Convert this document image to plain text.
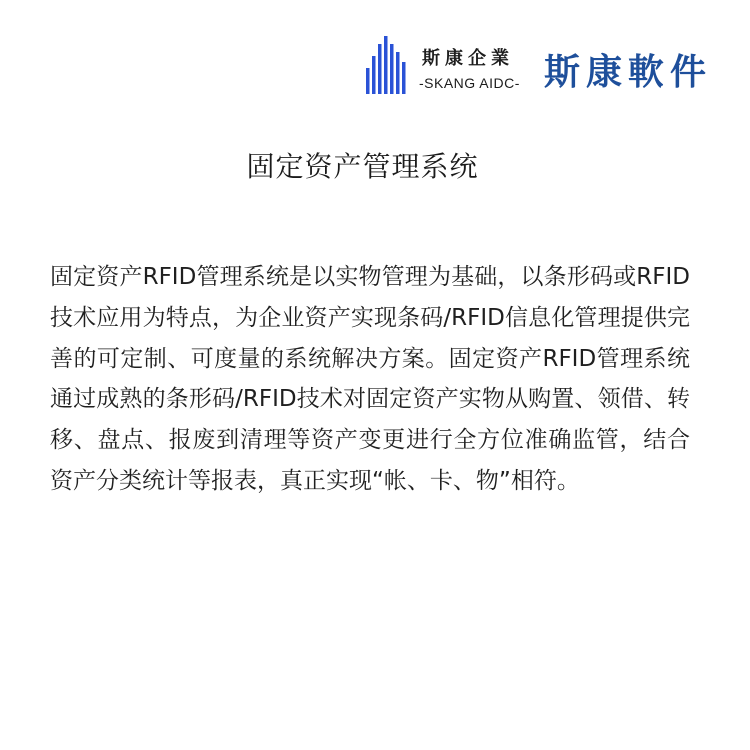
斯康企業
-SKANG AIDC- 斯康軟件
固定资产管理系统

固定资产RFID管理系统是以实物管理为基础，以条形码或RFID技术应用为特点，为企业资产实现条码/RFID信息化管理提供完善的可定制、可度量的系统解决方案。固定资产RFID管理系统通过成熟的条形码/RFID技术对固定资产实物从购置、领借、转移、盘点、报废到清理等资产变更进行全方位准确监管，结合资产分类统计等报表，真正实现“帐、卡、物”相符。
